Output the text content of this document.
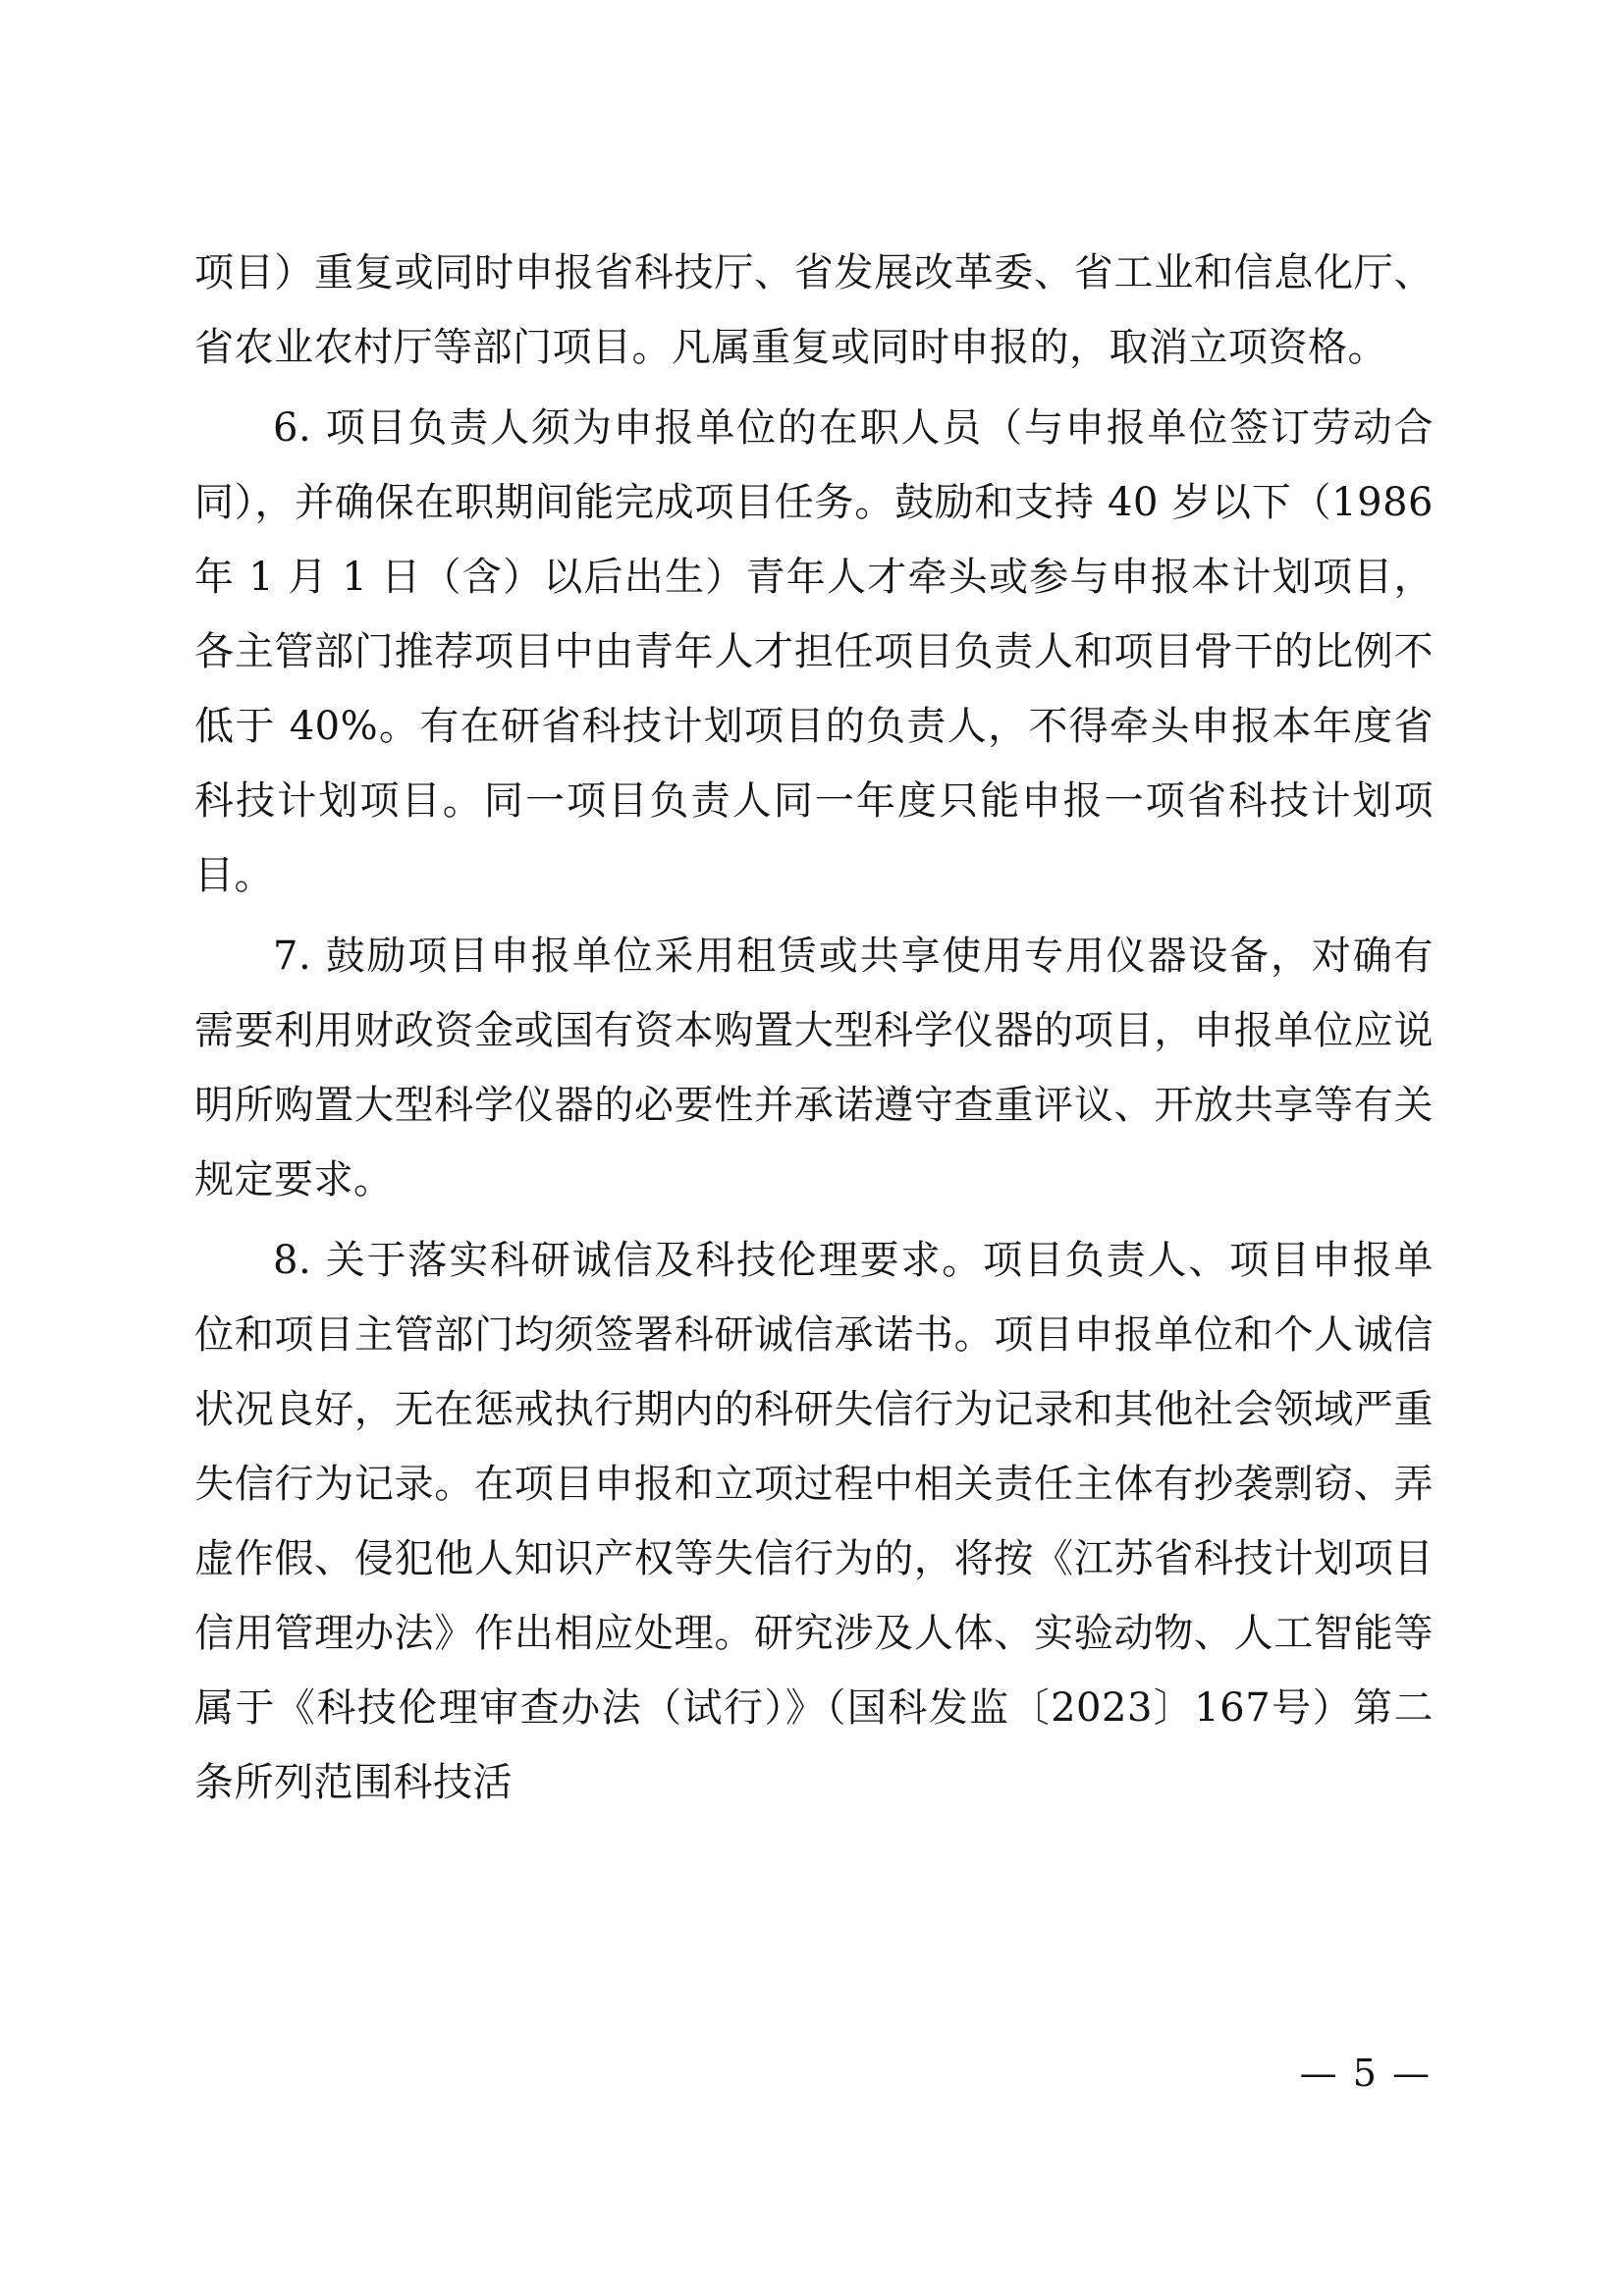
项目）重复或同时申报省科技厅、省发展改革委、省工业和信息化厅、省农业农村厅等部门项目。凡属重复或同时申报的，取消立项资格。

6. 项目负责人须为申报单位的在职人员（与申报单位签订劳动合同），并确保在职期间能完成项目任务。鼓励和支持 40 岁以下（1986 年 1 月 1 日（含）以后出生）青年人才牵头或参与申报本计划项目，各主管部门推荐项目中由青年人才担任项目负责人和项目骨干的比例不低于 40%。有在研省科技计划项目的负责人，不得牵头申报本年度省科技计划项目。同一项目负责人同一年度只能申报一项省科技计划项目。

7. 鼓励项目申报单位采用租赁或共享使用专用仪器设备，对确有需要利用财政资金或国有资本购置大型科学仪器的项目，申报单位应说明所购置大型科学仪器的必要性并承诺遵守查重评议、开放共享等有关规定要求。

8. 关于落实科研诚信及科技伦理要求。项目负责人、项目申报单位和项目主管部门均须签署科研诚信承诺书。项目申报单位和个人诚信状况良好，无在惩戒执行期内的科研失信行为记录和其他社会领域严重失信行为记录。在项目申报和立项过程中相关责任主体有抄袭剽窃、弄虚作假、侵犯他人知识产权等失信行为的，将按《江苏省科技计划项目信用管理办法》作出相应处理。研究涉及人体、实验动物、人工智能等属于《科技伦理审查办法（试行）》（国科发监〔2023〕167号）第二条所列范围科技活

— 5 —
